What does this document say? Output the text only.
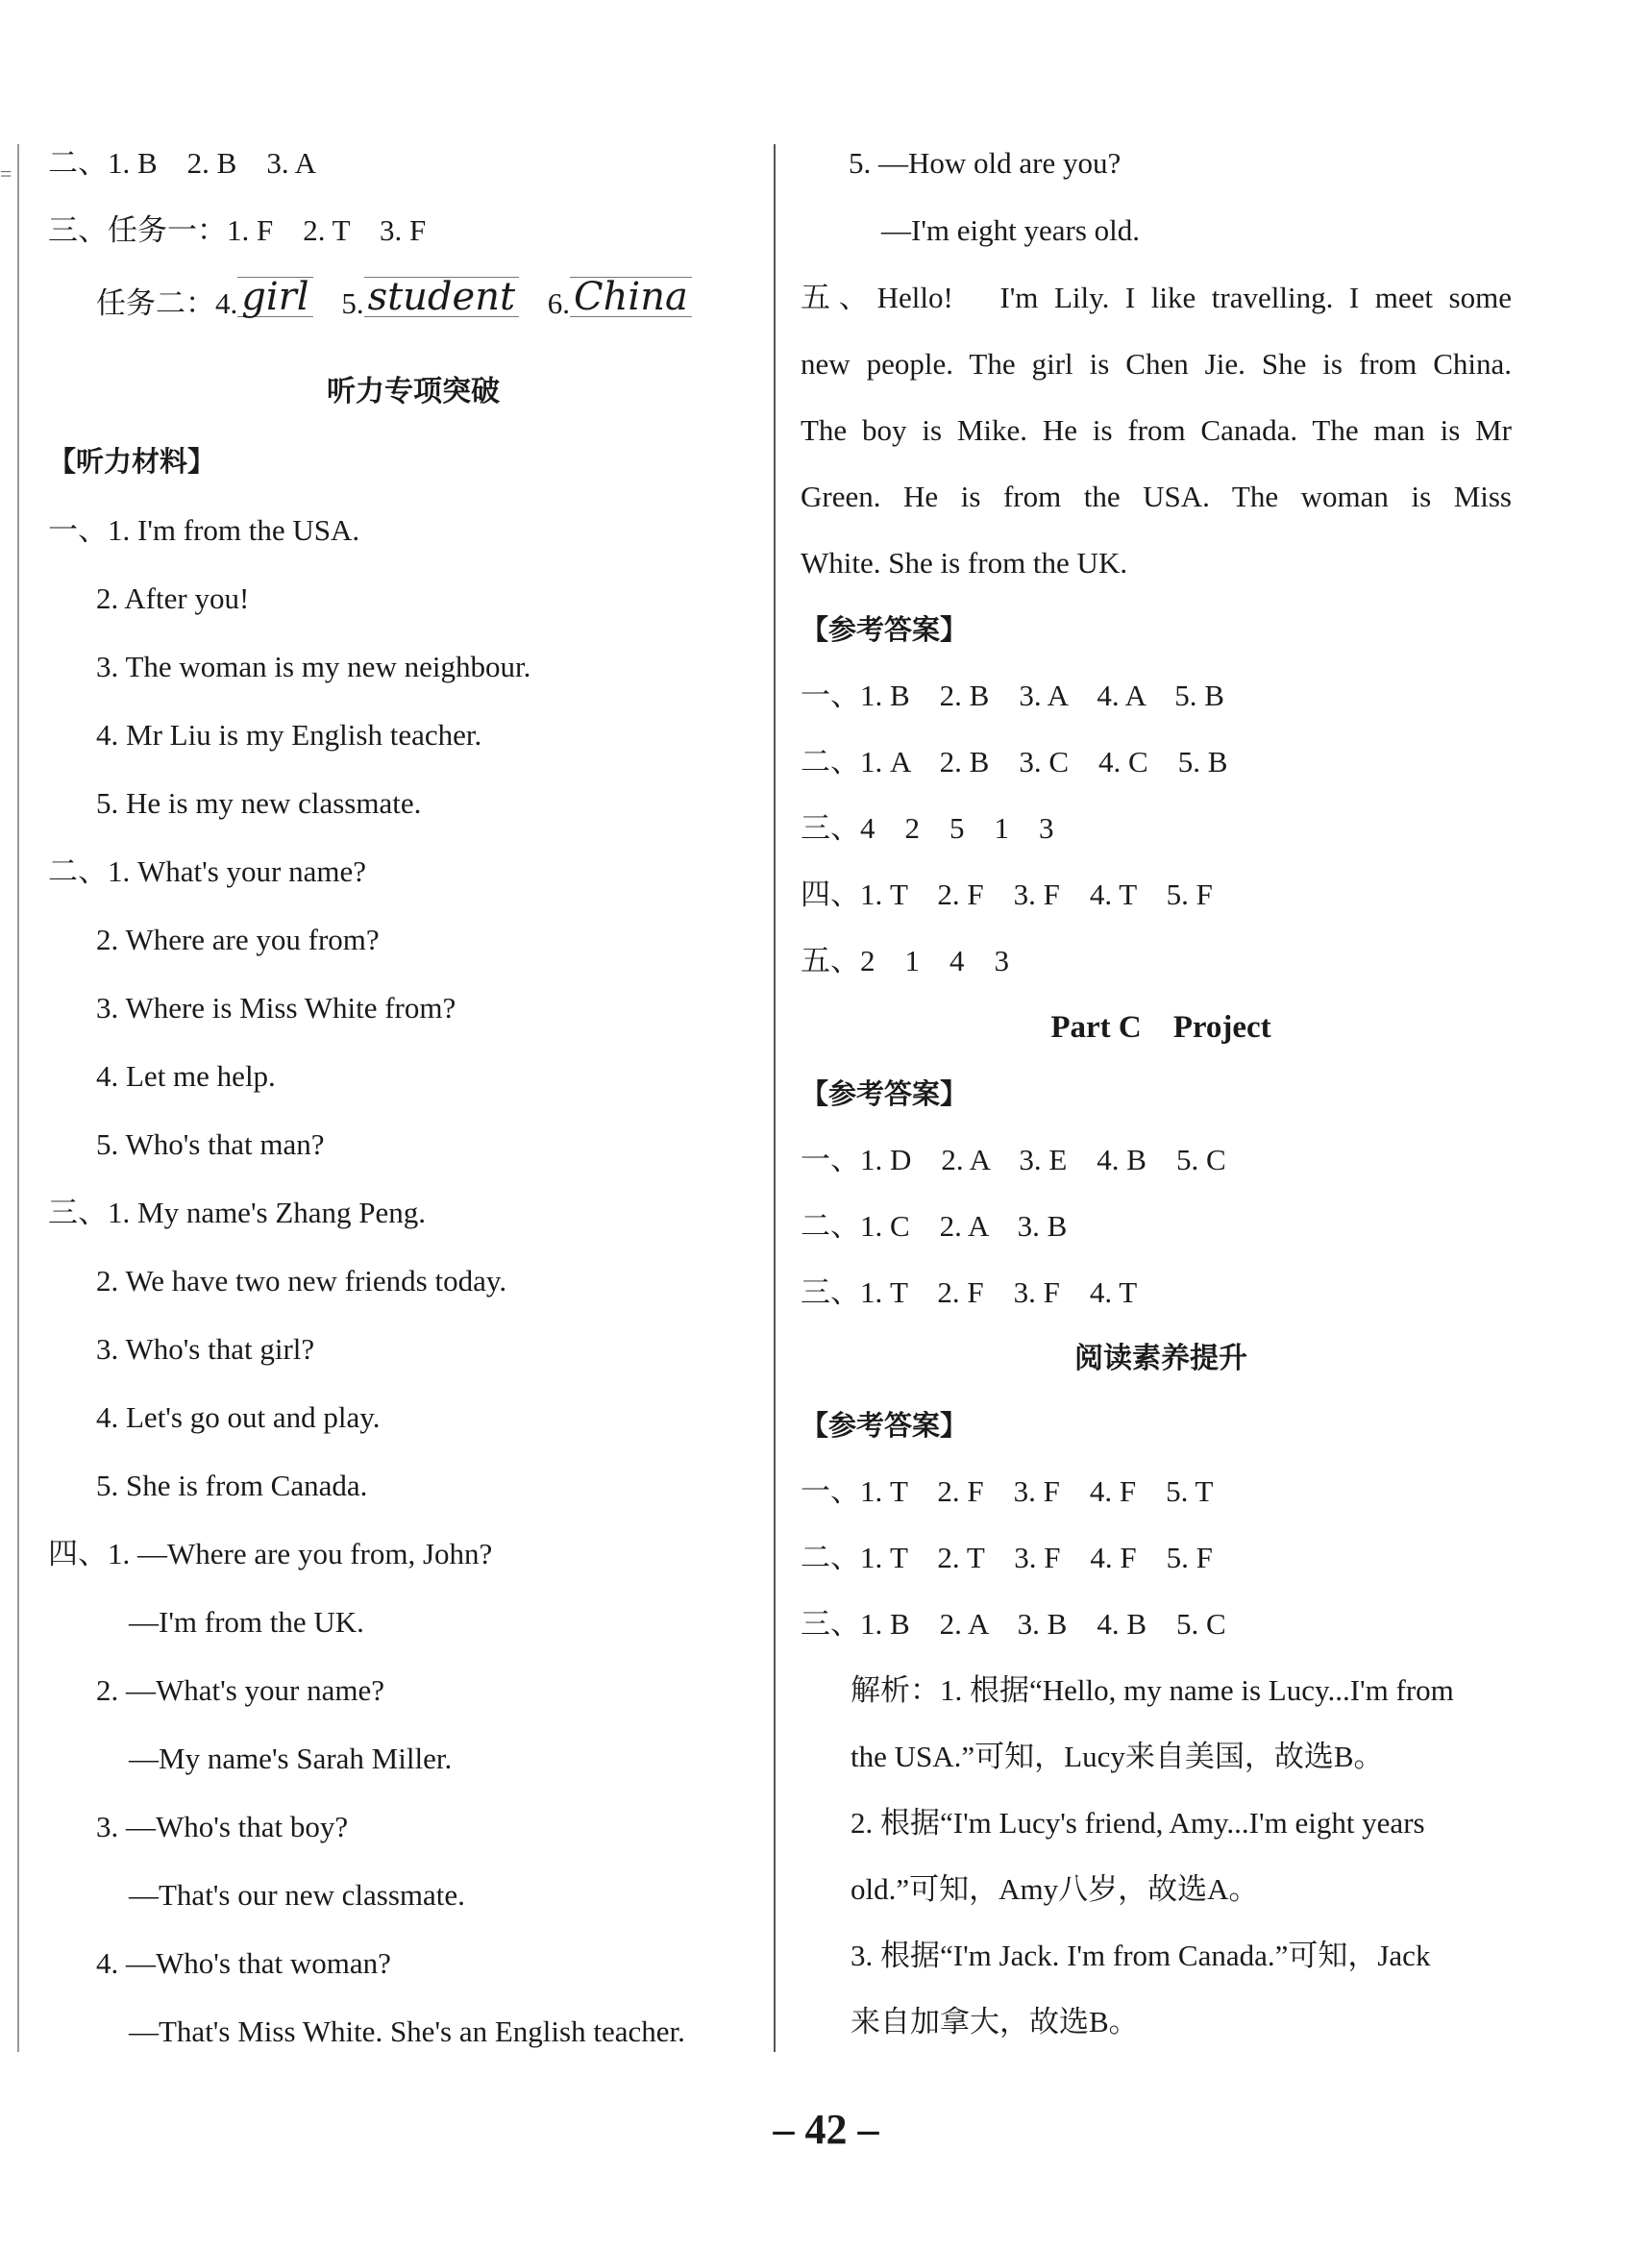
= 二、1. B　2. B　3. A
三、任务一：1. F　2. T　3. F
任务二：4. girl 5. student 6. China
听力专项突破
【听力材料】
一、1. I'm from the USA.
2. After you!
3. The woman is my new neighbour.
4. Mr Liu is my English teacher.
5. He is my new classmate.
二、1. What's your name?
2. Where are you from?
3. Where is Miss White from?
4. Let me help.
5. Who's that man?
三、1. My name's Zhang Peng.
2. We have two new friends today.
3. Who's that girl?
4. Let's go out and play.
5. She is from Canada.
四、1. —Where are you from, John?
—I'm from the UK.
2. —What's your name?
—My name's Sarah Miller.
3. —Who's that boy?
—That's our new classmate.
4. —Who's that woman?
—That's Miss White. She's an English teacher.
5. —How old are you?
—I'm eight years old.
五、Hello!　I'm Lily. I like travelling. I meet some
new people. The girl is Chen Jie. She is from China.
The boy is Mike. He is from Canada. The man is Mr
Green. He is from the USA. The woman is Miss
White. She is from the UK.
【参考答案】
一、1. B　2. B　3. A　4. A　5. B
二、1. A　2. B　3. C　4. C　5. B
三、4　2　5　1　3
四、1. T　2. F　3. F　4. T　5. F
五、2　1　4　3
Part C　Project
【参考答案】
一、1. D　2. A　3. E　4. B　5. C
二、1. C　2. A　3. B
三、1. T　2. F　3. F　4. T
阅读素养提升
【参考答案】
一、1. T　2. F　3. F　4. F　5. T
二、1. T　2. T　3. F　4. F　5. F
三、1. B　2. A　3. B　4. B　5. C
解析：1. 根据“Hello, my name is Lucy...I'm from
the USA.”可知，Lucy来自美国，故选B。
2. 根据“I'm Lucy's friend, Amy...I'm eight years
old.”可知，Amy八岁，故选A。
3. 根据“I'm Jack. I'm from Canada.”可知，Jack
来自加拿大，故选B。
– 42 –
